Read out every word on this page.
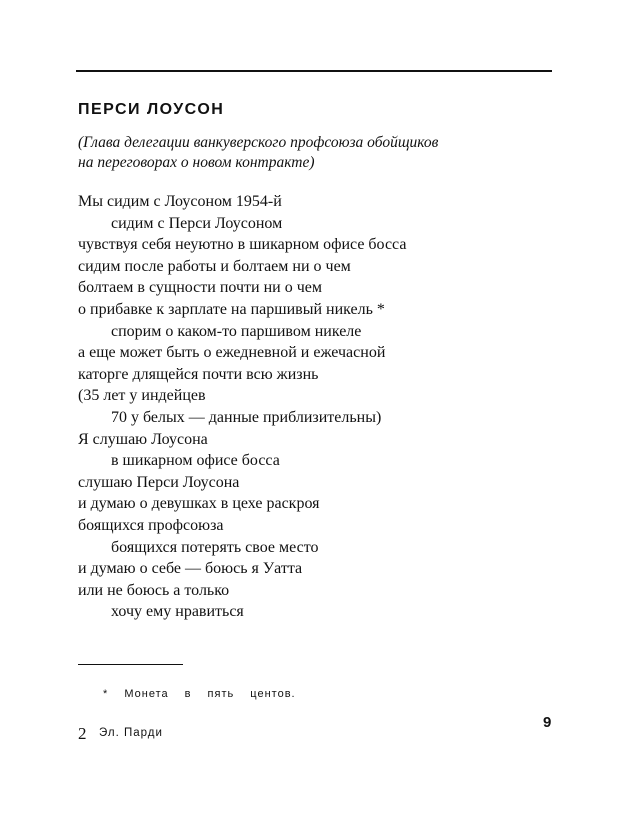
ПЕРСИ ЛОУСОН
(Глава делегации ванкуверского профсоюза обойщиков
на переговорах о новом контракте)
Мы сидим с Лоусоном 1954-й
сидим с Перси Лоусоном
чувствуя себя неуютно в шикарном офисе босса
сидим после работы и болтаем ни о чем
болтаем в сущности почти ни о чем
о прибавке к зарплате на паршивый никель *
спорим о каком-то паршивом никеле
а еще может быть о ежедневной и ежечасной
каторге длящейся почти всю жизнь
(35 лет у индейцев
70 у белых — данные приблизительны)
Я слушаю Лоусона
в шикарном офисе босса
слушаю Перси Лоусона
и думаю о девушках в цехе раскроя
боящихся профсоюза
боящихся потерять свое место
и думаю о себе — боюсь я Уатта
или не боюсь а только
хочу ему нравиться
* Монета в пять центов.
9
2 Эл. Парди
